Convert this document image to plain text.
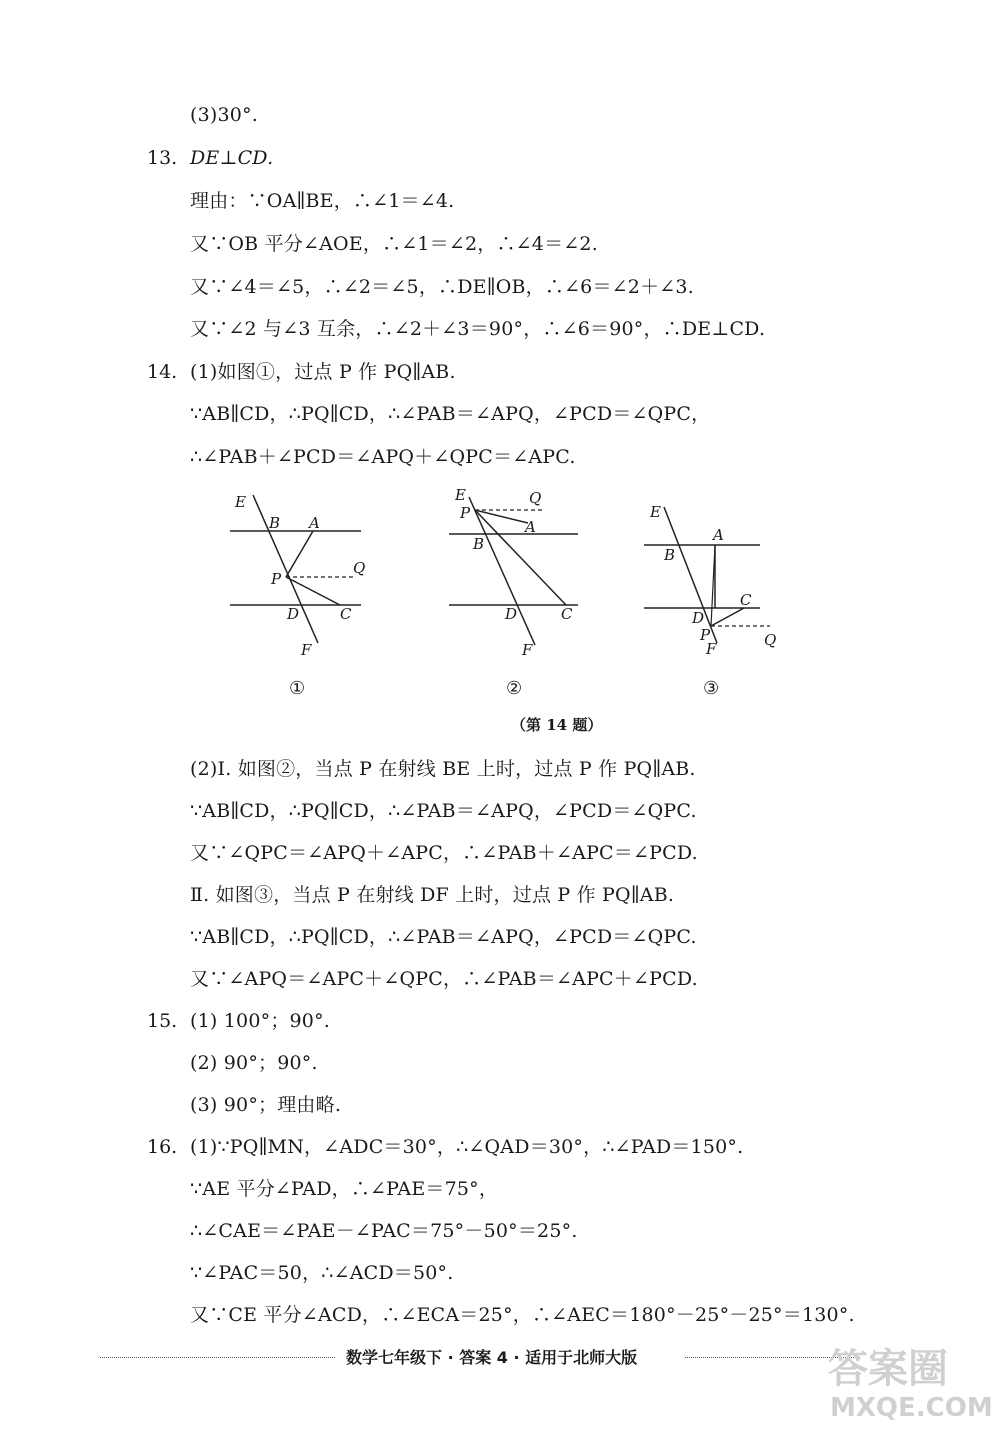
(3)30°.
13. DE⊥CD.
理由：∵OA∥BE，∴∠1＝∠4.
又∵OB 平分∠AOE，∴∠1＝∠2，∴∠4＝∠2.
又∵∠4＝∠5，∴∠2＝∠5，∴DE∥OB，∴∠6＝∠2＋∠3.
又∵∠2 与∠3 互余，∴∠2＋∠3＝90°，∴∠6＝90°，∴DE⊥CD.
14. (1)如图①，过点 P 作 PQ∥AB.
∵AB∥CD，∴PQ∥CD，∴∠PAB＝∠APQ，∠PCD＝∠QPC，
∴∠PAB＋∠PCD＝∠APQ＋∠QPC＝∠APC.
E
B A
Q
P
D	C
F
①
E	Q
P
A
B
D	C
F
②
E
A
B
C
D
P	Q
F
③
（第 14 题）
(2)Ⅰ. 如图②，当点 P 在射线 BE 上时，过点 P 作 PQ∥AB.
∵AB∥CD，∴PQ∥CD，∴∠PAB＝∠APQ，∠PCD＝∠QPC.
又∵∠QPC＝∠APQ＋∠APC，∴∠PAB＋∠APC＝∠PCD.
Ⅱ. 如图③，当点 P 在射线 DF 上时，过点 P 作 PQ∥AB.
∵AB∥CD，∴PQ∥CD，∴∠PAB＝∠APQ，∠PCD＝∠QPC.
又∵∠APQ＝∠APC＋∠QPC，∴∠PAB＝∠APC＋∠PCD.
15. (1) 100°；90°.
(2) 90°；90°.
(3) 90°；理由略.
16. (1)∵PQ∥MN，∠ADC＝30°，∴∠QAD＝30°，∴∠PAD＝150°.
∵AE 平分∠PAD，∴∠PAE＝75°，
∴∠CAE＝∠PAE－∠PAC＝75°－50°＝25°.
∵∠PAC＝50，∴∠ACD＝50°.
又∵CE 平分∠ACD，∴∠ECA＝25°，∴∠AEC＝180°－25°－25°＝130°.
数学七年级下 · 答案 4 · 适用于北师大版	答案圈
MXQE.COM
